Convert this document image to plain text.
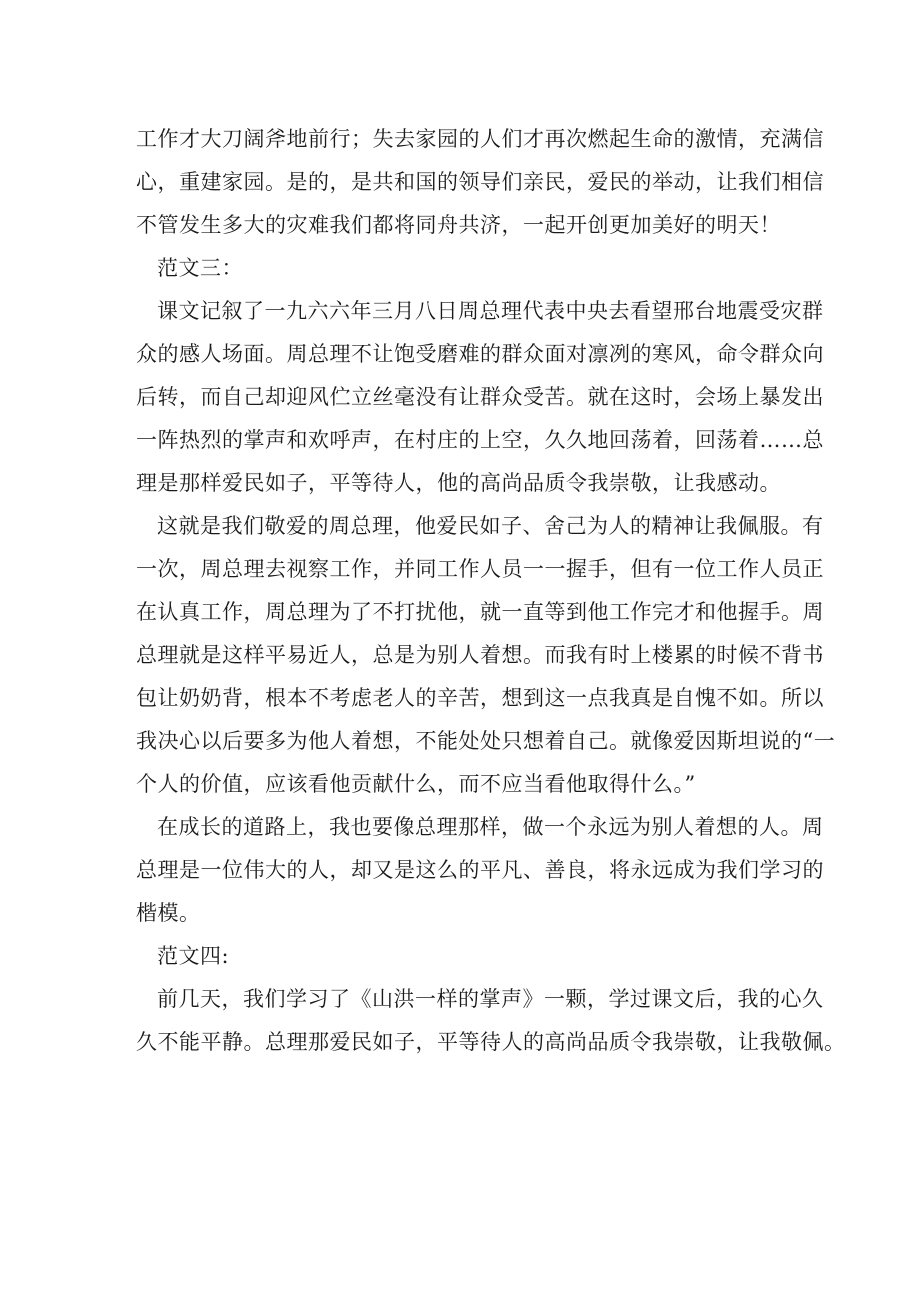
工作才大刀阔斧地前行；失去家园的人们才再次燃起生命的激情，充满信
心，重建家园。是的，是共和国的领导们亲民，爱民的举动，让我们相信
不管发生多大的灾难我们都将同舟共济，一起开创更加美好的明天！
范文三：
课文记叙了一九六六年三月八日周总理代表中央去看望邢台地震受灾群
众的感人场面。周总理不让饱受磨难的群众面对凛冽的寒风，命令群众向
后转，而自己却迎风伫立丝毫没有让群众受苦。就在这时，会场上暴发出
一阵热烈的掌声和欢呼声，在村庄的上空，久久地回荡着，回荡着……总
理是那样爱民如子，平等待人，他的高尚品质令我崇敬，让我感动。
这就是我们敬爱的周总理，他爱民如子、舍己为人的精神让我佩服。有
一次，周总理去视察工作，并同工作人员一一握手，但有一位工作人员正
在认真工作，周总理为了不打扰他，就一直等到他工作完才和他握手。周
总理就是这样平易近人，总是为别人着想。而我有时上楼累的时候不背书
包让奶奶背，根本不考虑老人的辛苦，想到这一点我真是自愧不如。所以
我决心以后要多为他人着想，不能处处只想着自己。就像爱因斯坦说的“一
个人的价值，应该看他贡献什么，而不应当看他取得什么。”
在成长的道路上，我也要像总理那样，做一个永远为别人着想的人。周
总理是一位伟大的人，却又是这么的平凡、善良，将永远成为我们学习的
楷模。
范文四:
前几天，我们学习了《山洪一样的掌声》一颗，学过课文后，我的心久
久不能平静。总理那爱民如子，平等待人的高尚品质令我崇敬，让我敬佩。
